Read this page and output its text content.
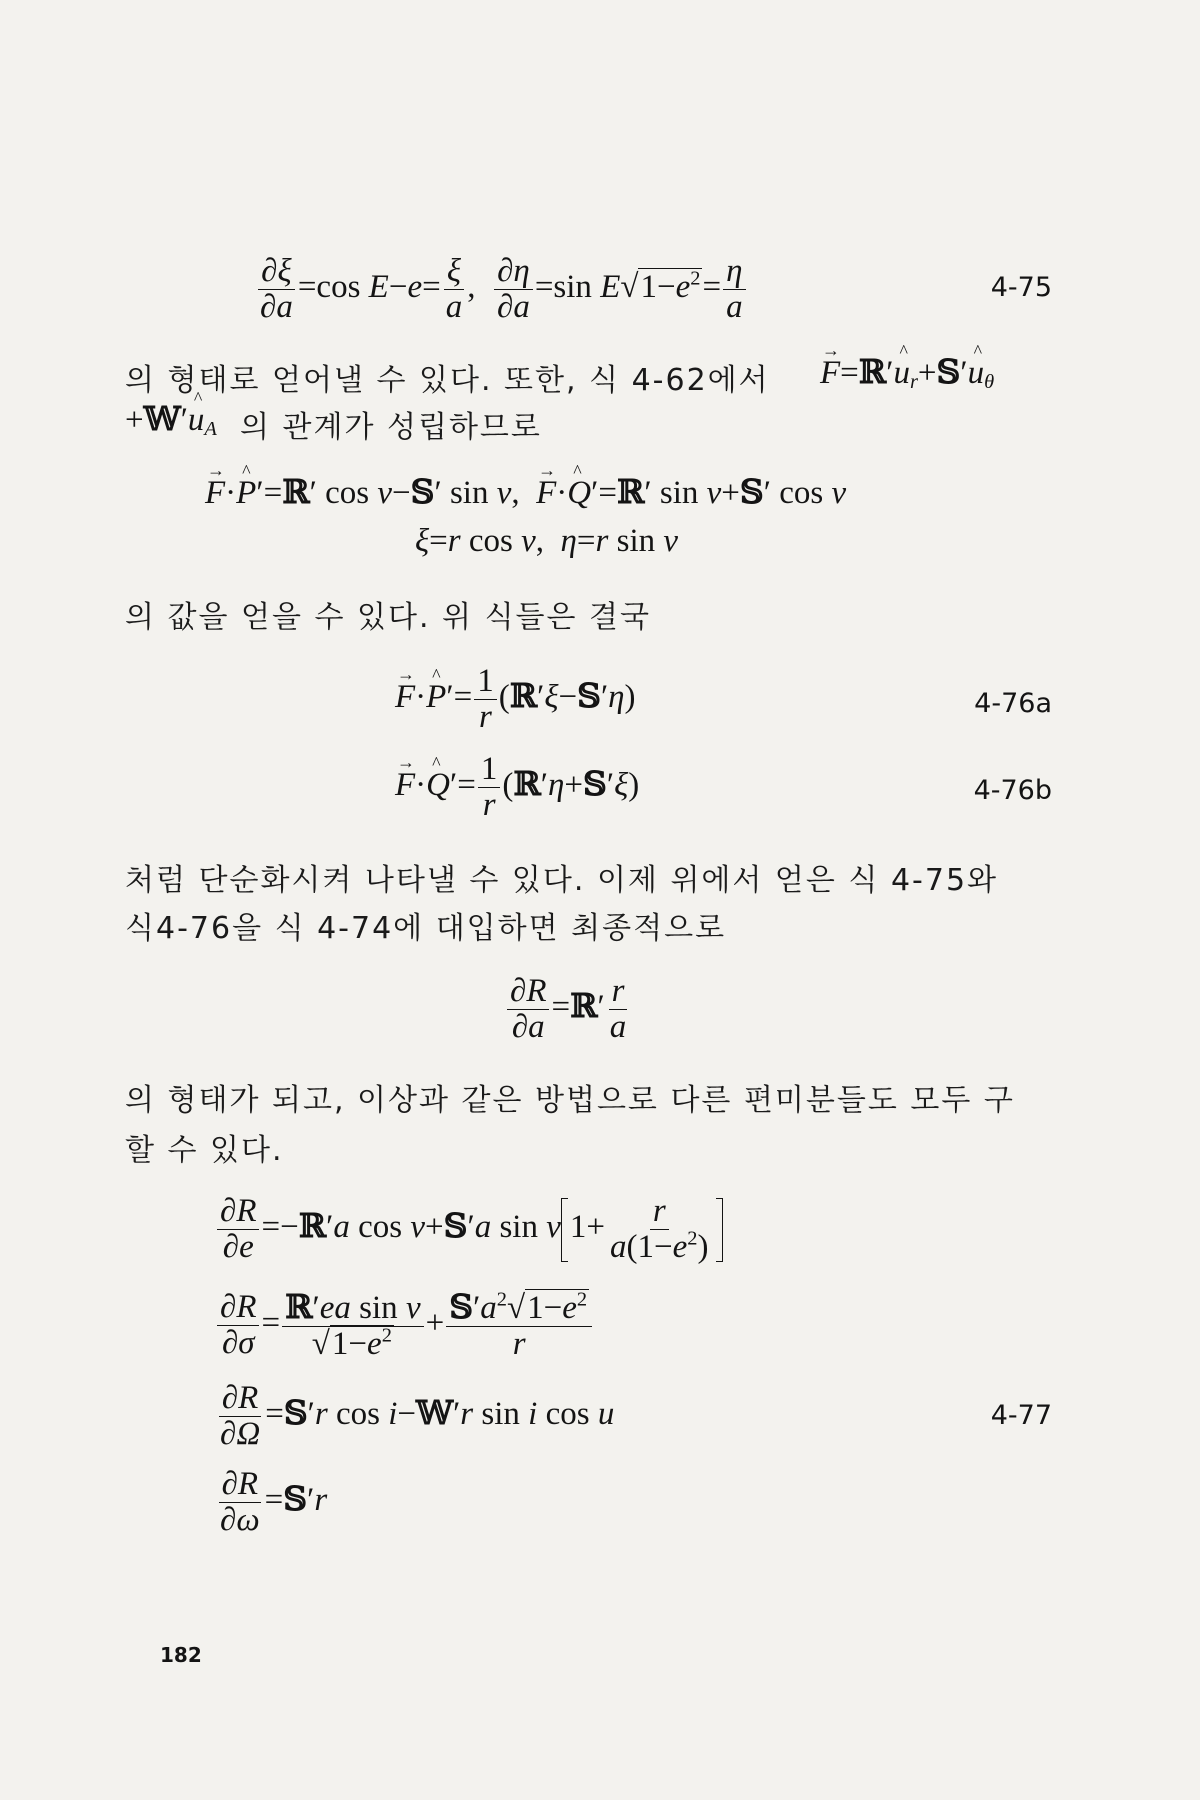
$\frac{\partial\xi}{\partial a} =\cos$ $E-e= \frac{\xi}{a}$ , $\frac{\partial\eta}{\partial a} =\sin$ $E√1-e^2= \frac{\eta}{a}$	4-75
의 형태로 얻어낼 수 있다. 또한, 식 4-62에서
→ F=ℝ′^ $u_r+𝕊'\^{}$ $u_\theta$
+𝕎′^ $u_A$ 의 관계가 성립하므로
→ F·^ P′=ℝ′ cos ν−𝕊′ sin ν,  → F·^ Q′=ℝ′ sin ν+𝕊′ cos ν
ξ=r cos ν,  η=r sin ν
의 값을 얻을 수 있다. 위 식들은 결국
→ F·^ $P'= \frac{1}{r}$ (ℝ′ξ−𝕊′η)	4-76a
→ F·^ $Q'= \frac{1}{r}$ (ℝ′η+𝕊′ξ)	4-76b
처럼 단순화시켜 나타낼 수 있다. 이제 위에서 얻은 식 4-75와
식4-76을 식 4-74에 대입하면 최종적으로
$\frac{\partial R}{\partial a}$ =ℝ′ $\frac{r}{a}$
의 형태가 되고, 이상과 같은 방법으로 다른 편미분들도 모두 구
할 수 있다.
$\frac{\partial R}{\partial e}$ =−ℝ′a cos ν+𝕊′a sin ν $1+ \frac{r}{a(1-e^2)}$
$\frac{\partial R}{\partial\sigma} = \frac{\text{ℝ′ea sin ν}}{√1-e^2} + \frac{𝕊'a^2√1-e^2}{r}$
$\frac{\partial R}{\partial\Omega}$ =𝕊′r cos i−𝕎′r sin i cos u	4-77
$\frac{\partial R}{\partial\omega}$ =𝕊′r
182
